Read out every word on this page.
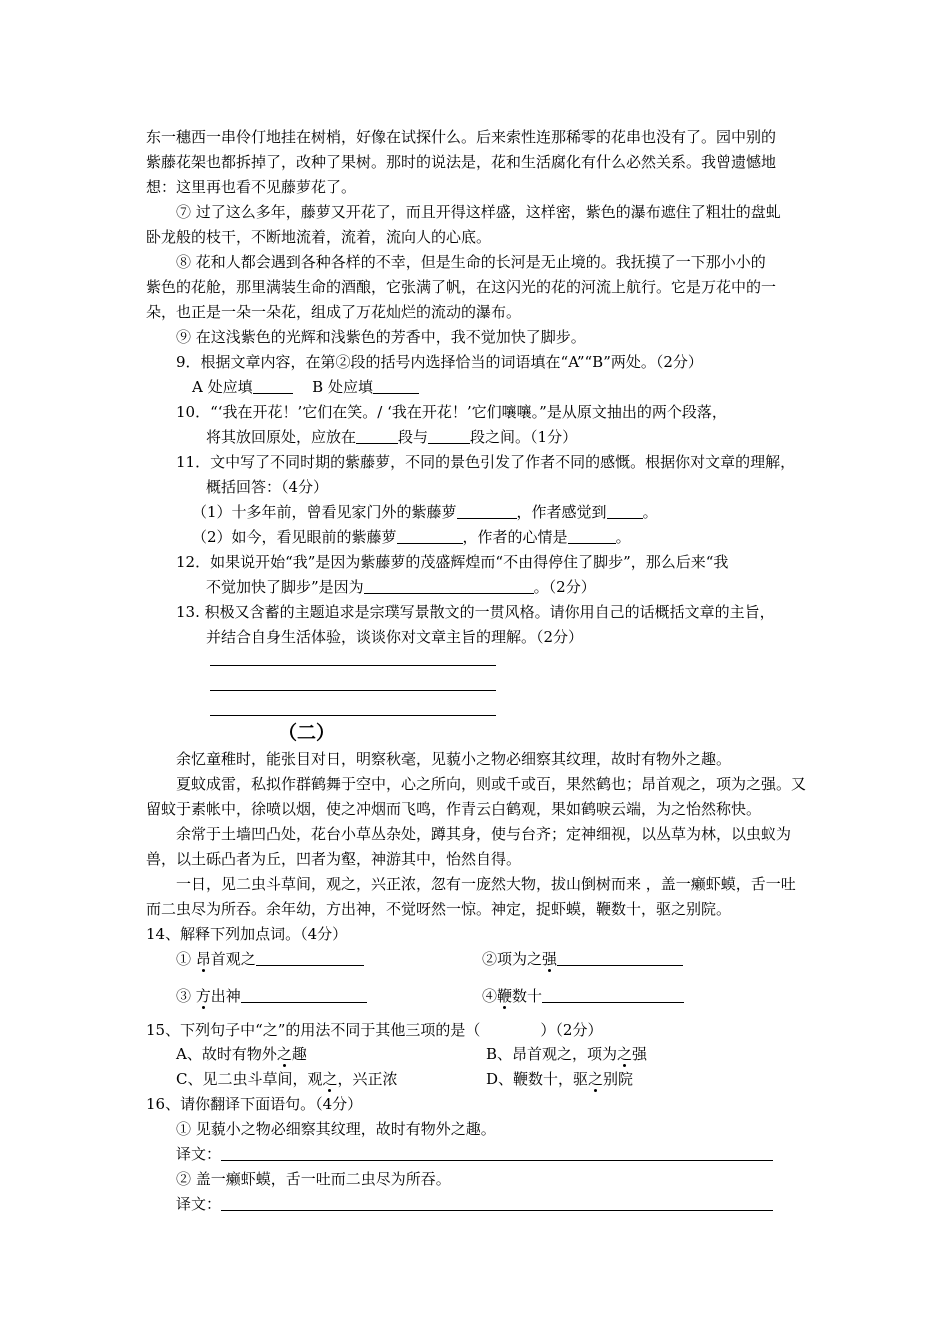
东一穗西一串伶仃地挂在树梢，好像在试探什么。后来索性连那稀零的花串也没有了。园中别的
紫藤花架也都拆掉了，改种了果树。那时的说法是，花和生活腐化有什么必然关系。我曾遗憾地
想：这里再也看不见藤萝花了。
⑦ 过了这么多年，藤萝又开花了，而且开得这样盛，这样密，紫色的瀑布遮住了粗壮的盘虬
卧龙般的枝干，不断地流着，流着，流向人的心底。
⑧ 花和人都会遇到各种各样的不幸，但是生命的长河是无止境的。我抚摸了一下那小小的
紫色的花舱，那里满装生命的酒酿，它张满了帆，在这闪光的花的河流上航行。它是万花中的一
朵，也正是一朵一朵花，组成了万花灿烂的流动的瀑布。
⑨ 在这浅紫色的光辉和浅紫色的芳香中，我不觉加快了脚步。
9．根据文章内容，在第②段的括号内选择恰当的词语填在“A”“B”两处。（2分）
A 处应填	B 处应填
10．“‘我在开花！’它们在笑。/ ‘我在开花！’它们嚷嚷。”是从原文抽出的两个段落，
将其放回原处，应放在	段与	段之间。（1分）
11．文中写了不同时期的紫藤萝，不同的景色引发了作者不同的感慨。根据你对文章的理解，
概括回答：（4分）
（1）十多年前，曾看见家门外的紫藤萝	，作者感觉到 。
（2）如今，看见眼前的紫藤萝	，作者的心情是	。
12．如果说开始“我”是因为紫藤萝的茂盛辉煌而“不由得停住了脚步”，那么后来“我
不觉加快了脚步”是因为	。（2分）
13. 积极又含蓄的主题追求是宗璞写景散文的一贯风格。请你用自己的话概括文章的主旨，
并结合自身生活体验，谈谈你对文章主旨的理解。（2分）
（二）
余忆童稚时，能张目对日，明察秋毫，见藐小之物必细察其纹理，故时有物外之趣。
夏蚊成雷，私拟作群鹤舞于空中，心之所向，则或千或百，果然鹤也；昂首观之，项为之强。又
留蚊于素帐中，徐喷以烟，使之冲烟而飞鸣，作青云白鹤观，果如鹤唳云端，为之怡然称快。
余常于土墙凹凸处，花台小草丛杂处，蹲其身，使与台齐；定神细视，以丛草为林，以虫蚁为
兽，以土砾凸者为丘，凹者为壑，神游其中，怡然自得。
一日，见二虫斗草间，观之，兴正浓，忽有一庞然大物，拔山倒树而来 ，盖一癞虾蟆，舌一吐
而二虫尽为所吞。余年幼，方出神，不觉呀然一惊。神定，捉虾蟆，鞭数十，驱之别院。
14、解释下列加点词。（4分）
① 昂首观之	②项为之强
③ 方出神	④鞭数十
15、下列句子中“之”的用法不同于其他三项的是（　　　　）（2分）
A、故时有物外之趣	B、昂首观之，项为之强
C、见二虫斗草间，观之，兴正浓	D、鞭数十，驱之别院
16、请你翻译下面语句。（4分）
① 见藐小之物必细察其纹理，故时有物外之趣。
译文：
② 盖一癞虾蟆，舌一吐而二虫尽为所吞。
译文：
